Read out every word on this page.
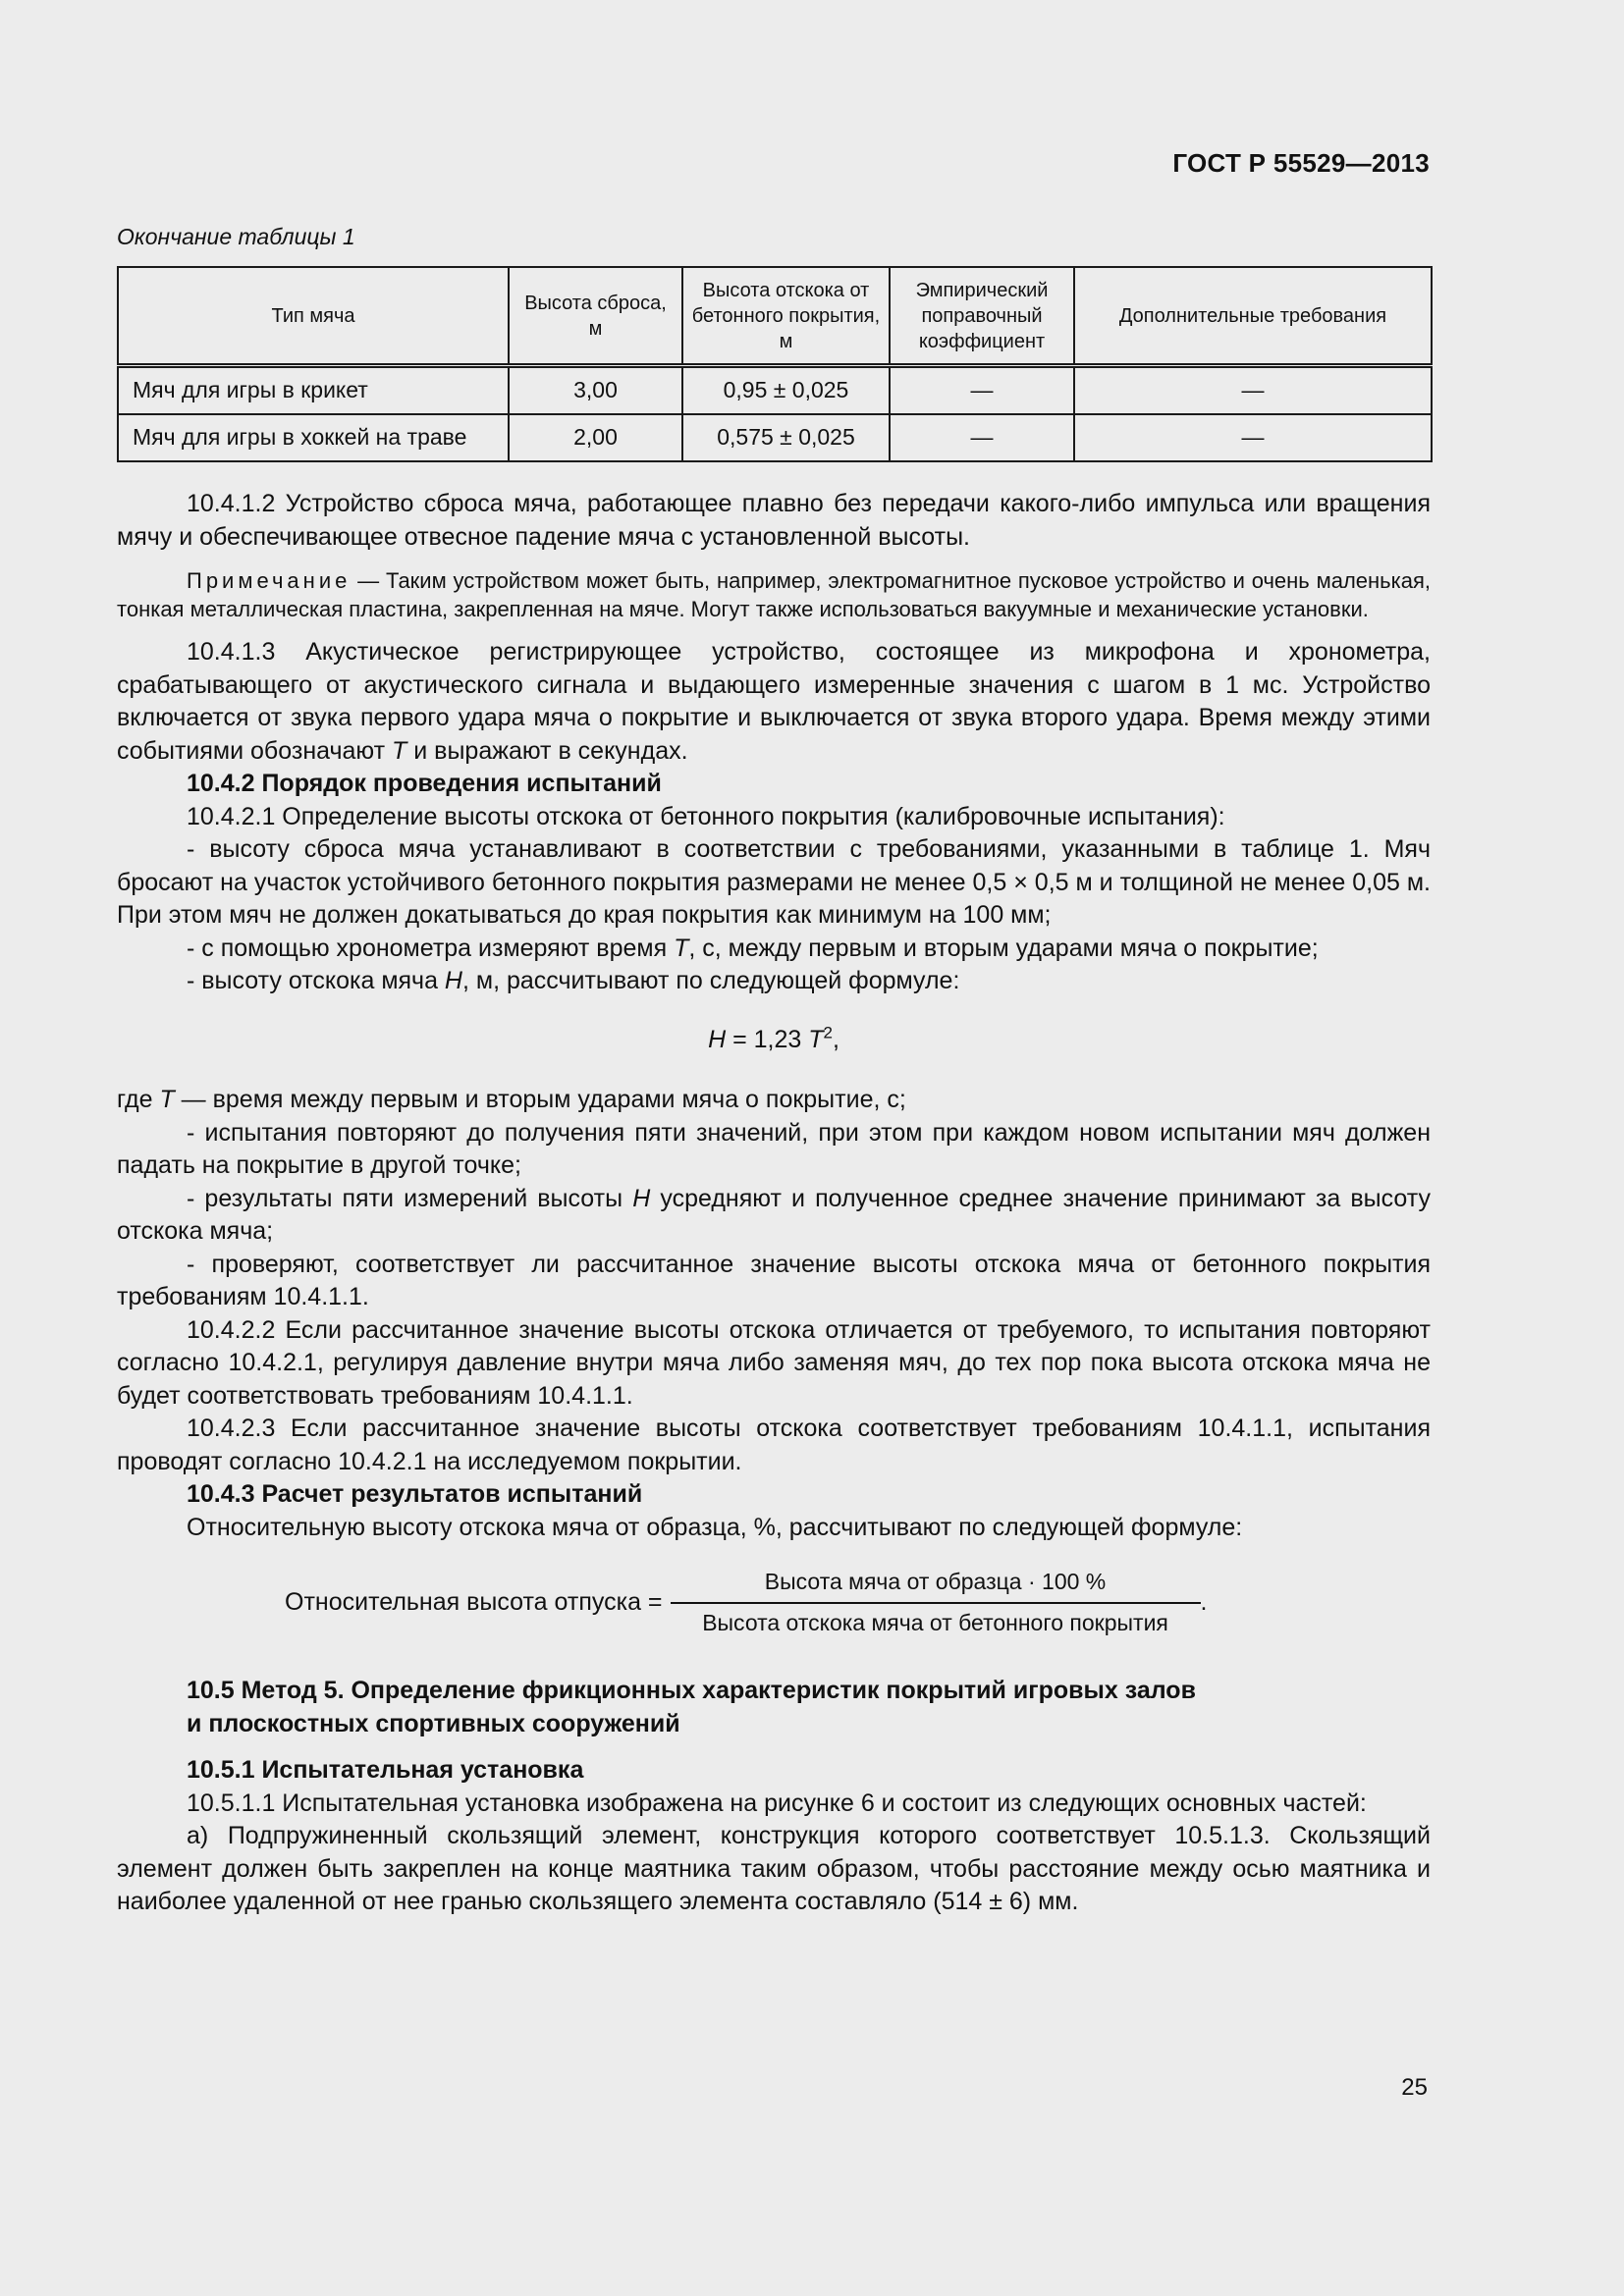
ГОСТ Р 55529—2013
Окончание таблицы 1
Тип мяча	Высота сброса, м	Высота отскока от бетонного покрытия, м	Эмпирический поправочный коэффициент	Дополнительные требования
Мяч для игры в крикет	3,00	0,95 ± 0,025	—	—
Мяч для игры в хоккей на траве	2,00	0,575 ± 0,025	—	—

10.4.1.2 Устройство сброса мяча, работающее плавно без передачи какого-либо импульса или вращения мячу и обеспечивающее отвесное падение мяча с установленной высоты.

Примечание — Таким устройством может быть, например, электромагнитное пусковое устройство и очень маленькая, тонкая металлическая пластина, закрепленная на мяче. Могут также использоваться вакуумные и механические установки.

10.4.1.3 Акустическое регистрирующее устройство, состоящее из микрофона и хронометра, срабатывающего от акустического сигнала и выдающего измеренные значения с шагом в 1 мс. Устройство включается от звука первого удара мяча о покрытие и выключается от звука второго удара. Время между этими событиями обозначают Т и выражают в секундах.

10.4.2 Порядок проведения испытаний

10.4.2.1 Определение высоты отскока от бетонного покрытия (калибровочные испытания):

- высоту сброса мяча устанавливают в соответствии с требованиями, указанными в таблице 1. Мяч бросают на участок устойчивого бетонного покрытия размерами не менее 0,5 × 0,5 м и толщиной не менее 0,05 м. При этом мяч не должен докатываться до края покрытия как минимум на 100 мм;

- с помощью хронометра измеряют время Т, с, между первым и вторым ударами мяча о покрытие;

- высоту отскока мяча Н, м, рассчитывают по следующей формуле:

Н = 1,23 $Т^2$,

где Т — время между первым и вторым ударами мяча о покрытие, с;

- испытания повторяют до получения пяти значений, при этом при каждом новом испытании мяч должен падать на покрытие в другой точке;

- результаты пяти измерений высоты Н усредняют и полученное среднее значение принимают за высоту отскока мяча;

- проверяют, соответствует ли рассчитанное значение высоты отскока мяча от бетонного покрытия требованиям 10.4.1.1.

10.4.2.2 Если рассчитанное значение высоты отскока отличается от требуемого, то испытания повторяют согласно 10.4.2.1, регулируя давление внутри мяча либо заменяя мяч, до тех пор пока высота отскока мяча не будет соответствовать требованиям 10.4.1.1.

10.4.2.3 Если рассчитанное значение высоты отскока соответствует требованиям 10.4.1.1, испытания проводят согласно 10.4.2.1 на исследуемом покрытии.

10.4.3 Расчет результатов испытаний

Относительную высоту отскока мяча от образца, %, рассчитывают по следующей формуле:

Относительная высота отпуска = $\frac{\text{Высота мяча от образца · 100 \%}}{\text{Высота отскока мяча от бетонного покрытия}}$ .
10.5 Метод 5. Определение фрикционных характеристик покрытий игровых залов
и плоскостных спортивных сооружений

10.5.1 Испытательная установка

10.5.1.1 Испытательная установка изображена на рисунке 6 и состоит из следующих основных частей:

а) Подпружиненный скользящий элемент, конструкция которого соответствует 10.5.1.3. Скользящий элемент должен быть закреплен на конце маятника таким образом, чтобы расстояние между осью маятника и наиболее удаленной от нее гранью скользящего элемента составляло (514 ± 6) мм.

25
